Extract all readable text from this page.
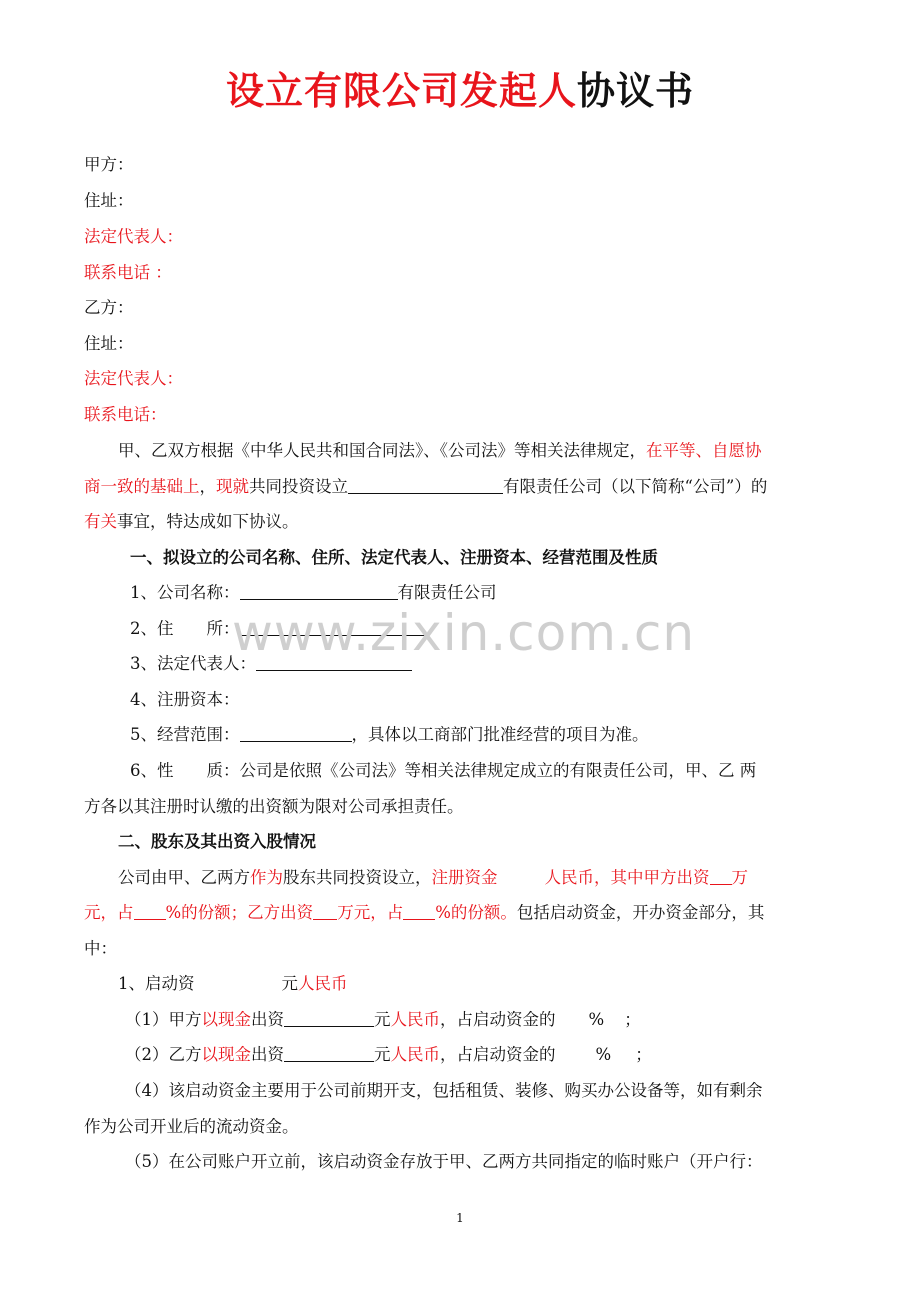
设立有限公司发起人协议书
甲方：
住址：
法定代表人：
联系电话 ：
乙方：
住址：
法定代表人：
联系电话：
甲、乙双方根据《中华人民共和国合同法》、《公司法》等相关法律规定，在平等、自愿协
商一致的基础上，现就共同投资设立	有限责任公司（以下简称“公司”）的
有关事宜，特达成如下协议。
一、拟设立的公司名称、住所、法定代表人、注册资本、经营范围及性质
1、公司名称：	有限责任公司
2、住　　所：
3、法定代表人：
4、注册资本：
5、经营范围：	，具体以工商部门批准经营的项目为准。
6、性　　质：公司是依照《公司法》等相关法律规定成立的有限责任公司，甲、乙 两
方各以其注册时认缴的出资额为限对公司承担责任。
二、股东及其出资入股情况
公司由甲、乙两方作为股东共同投资设立，注册资金	人民币，其中甲方出资 万
元，占 %的份额；乙方出资 万元，占 %的份额。包括启动资金，开办资金部分，其
中：
1、启动资	元人民币
（1）甲方以现金出资	元人民币，占启动资金的 % ；
（2）乙方以现金出资	元人民币，占启动资金的 % ；
（4）该启动资金主要用于公司前期开支，包括租赁、装修、购买办公设备等，如有剩余
作为公司开业后的流动资金。
（5）在公司账户开立前，该启动资金存放于甲、乙两方共同指定的临时账户（开户行：
www.zixin.com.cn
1
